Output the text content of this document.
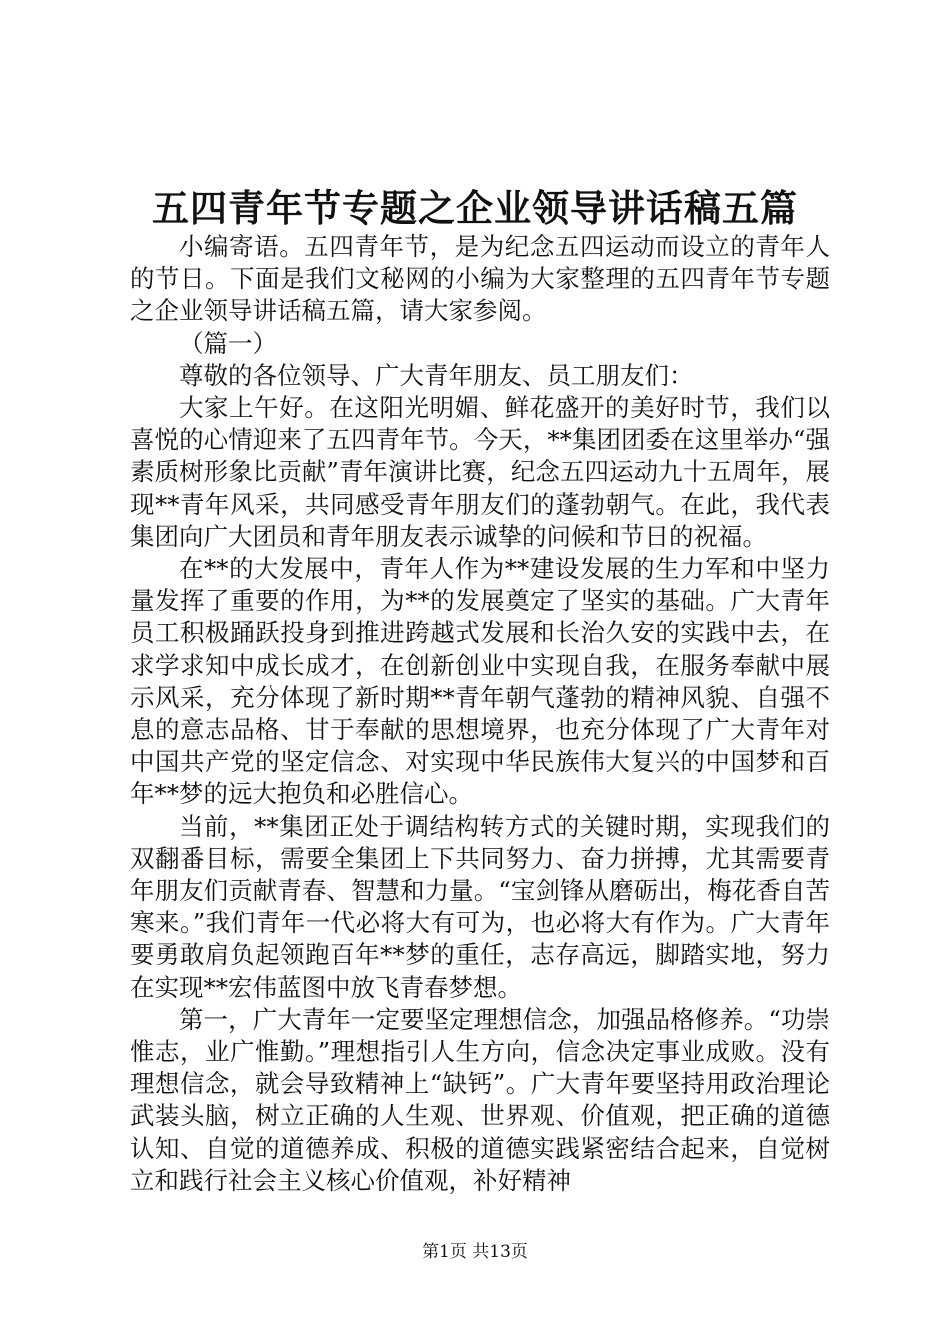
五四青年节专题之企业领导讲话稿五篇

小编寄语。五四青年节，是为纪念五四运动而设立的青年人的节日。下面是我们文秘网的小编为大家整理的五四青年节专题之企业领导讲话稿五篇，请大家参阅。

（篇一）

尊敬的各位领导、广大青年朋友、员工朋友们：

大家上午好。在这阳光明媚、鲜花盛开的美好时节，我们以喜悦的心情迎来了五四青年节。今天，**集团团委在这里举办“强素质树形象比贡献”青年演讲比赛，纪念五四运动九十五周年，展现**青年风采，共同感受青年朋友们的蓬勃朝气。在此，我代表集团向广大团员和青年朋友表示诚挚的问候和节日的祝福。

在**的大发展中，青年人作为**建设发展的生力军和中坚力量发挥了重要的作用，为**的发展奠定了坚实的基础。广大青年员工积极踊跃投身到推进跨越式发展和长治久安的实践中去，在求学求知中成长成才，在创新创业中实现自我，在服务奉献中展示风采，充分体现了新时期**青年朝气蓬勃的精神风貌、自强不息的意志品格、甘于奉献的思想境界，也充分体现了广大青年对中国共产党的坚定信念、对实现中华民族伟大复兴的中国梦和百年**梦的远大抱负和必胜信心。

当前，**集团正处于调结构转方式的关键时期，实现我们的双翻番目标，需要全集团上下共同努力、奋力拼搏，尤其需要青年朋友们贡献青春、智慧和力量。“宝剑锋从磨砺出，梅花香自苦寒来。”我们青年一代必将大有可为，也必将大有作为。广大青年要勇敢肩负起领跑百年**梦的重任，志存高远，脚踏实地，努力在实现**宏伟蓝图中放飞青春梦想。

第一，广大青年一定要坚定理想信念，加强品格修养。“功崇惟志，业广惟勤。”理想指引人生方向，信念决定事业成败。没有理想信念，就会导致精神上“缺钙”。广大青年要坚持用政治理论武装头脑，树立正确的人生观、世界观、价值观，把正确的道德认知、自觉的道德养成、积极的道德实践紧密结合起来，自觉树立和践行社会主义核心价值观，补好精神

第1页 共13页
